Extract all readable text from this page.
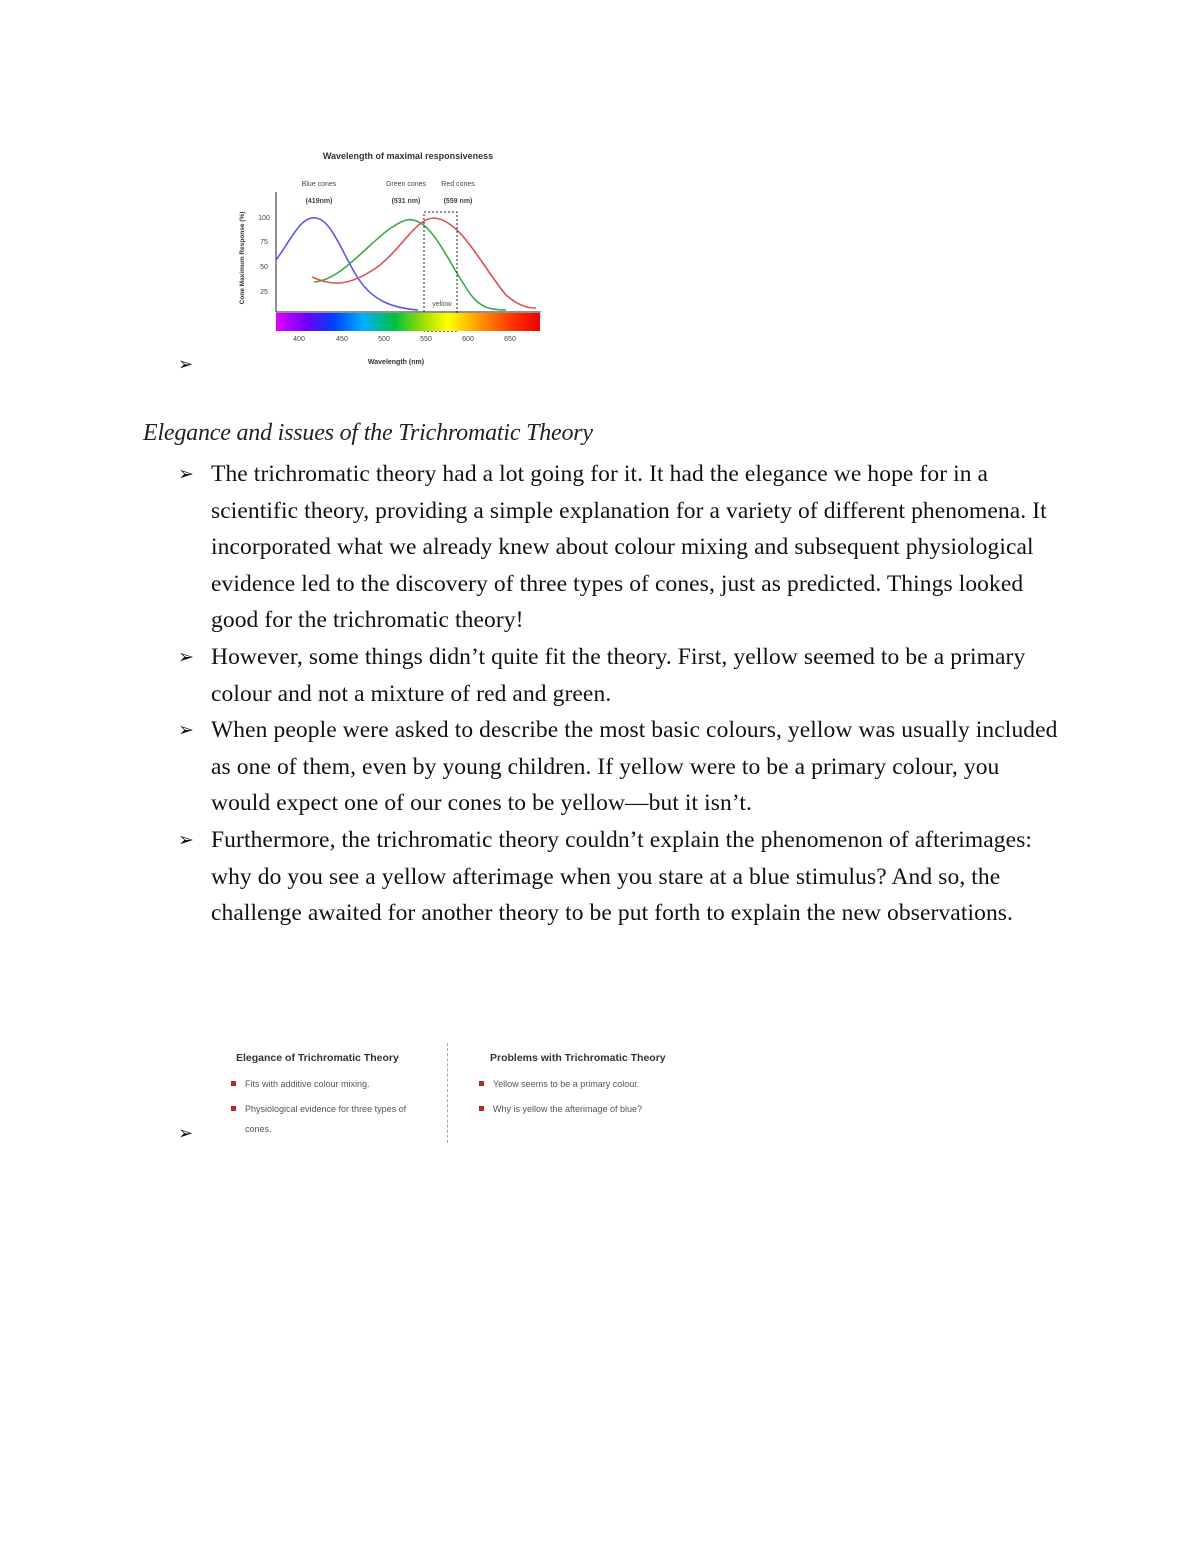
Wavelength of maximal responsiveness
Blue cones
(419nm)
Green cones
(531 nm)
Red cones
(559 nm)
Cone Maximum Response (%) 100
75
50
25
yellow
400	450	500	550	600	650
Wavelength (nm)
➢
Elegance and issues of the Trichromatic Theory
➢ The trichromatic theory had a lot going for it. It had the elegance we hope for in a scientific theory, providing a simple explanation for a variety of different phenomena. It incorporated what we already knew about colour mixing and subsequent physiological evidence led to the discovery of three types of cones, just as predicted. Things looked good for the trichromatic theory!
➢ However, some things didn’t quite fit the theory. First, yellow seemed to be a primary colour and not a mixture of red and green.
➢ When people were asked to describe the most basic colours, yellow was usually included as one of them, even by young children. If yellow were to be a primary colour, you would expect one of our cones to be yellow—but it isn’t.
➢ Furthermore, the trichromatic theory couldn’t explain the phenomenon of afterimages: why do you see a yellow afterimage when you stare at a blue stimulus? And so, the challenge awaited for another theory to be put forth to explain the new observations.
Elegance of Trichromatic Theory
Fits with additive colour mixing.
Physiological evidence for three types of
cones.
Problems with Trichromatic Theory
Yellow seems to be a primary colour.
Why is yellow the afterimage of blue?
➢
